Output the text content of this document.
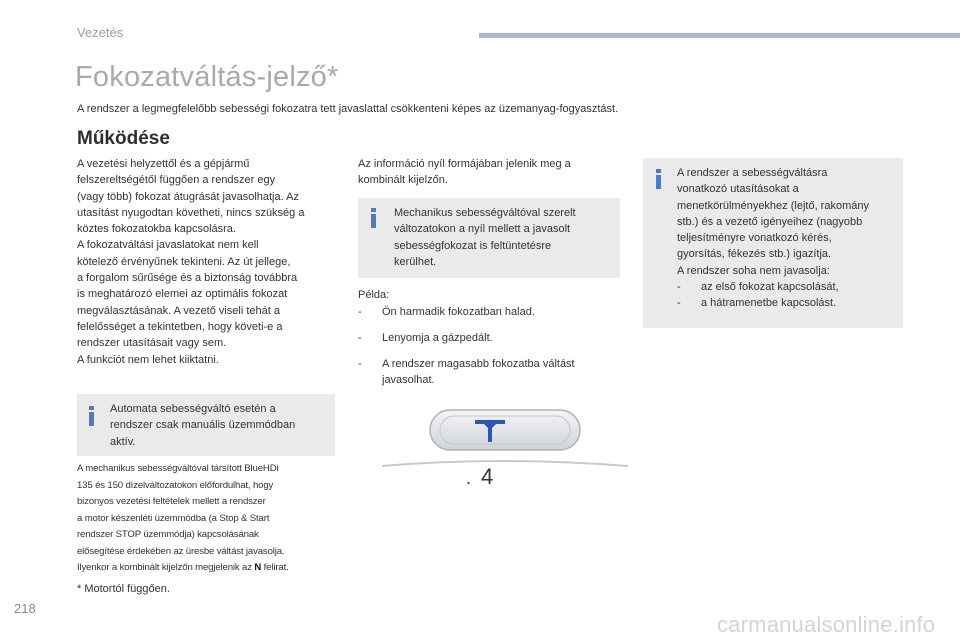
Vezetés
Fokozatváltás-jelző*
A rendszer a legmegfelelőbb sebességi fokozatra tett javaslattal csökkenteni képes az üzemanyag-fogyasztást.
Működése
A vezetési helyzettől és a gépjármű
felszereltségétől függően a rendszer egy
(vagy több) fokozat átugrását javasolhatja. Az
utasítást nyugodtan követheti, nincs szükség a
köztes fokozatokba kapcsolásra.
A fokozatváltási javaslatokat nem kell
kötelező érvényűnek tekinteni. Az út jellege,
a forgalom sűrűsége és a biztonság továbbra
is meghatározó elemei az optimális fokozat
megválasztásának. A vezető viseli tehát a
felelősséget a tekintetben, hogy követi-e a
rendszer utasításait vagy sem.
A funkciót nem lehet kiiktatni.
Automata sebességváltó esetén a
rendszer csak manuális üzemmódban
aktív.
A mechanikus sebességváltóval társított BlueHDi
135 és 150 dízelváltozatokon előfordulhat, hogy
bizonyos vezetési feltételek mellett a rendszer
a motor készenléti üzemmódba (a Stop & Start
rendszer STOP üzemmódja) kapcsolásának
elősegítése érdekében az üresbe váltást javasolja.
Ilyenkor a kombinált kijelzőn megjelenik az N felirat.
* Motortól függően.
Az információ nyíl formájában jelenik meg a
kombinált kijelzőn.
Mechanikus sebességváltóval szerelt
változatokon a nyíl mellett a javasolt
sebességfokozat is feltüntetésre
kerülhet.
Példa:
- Ön harmadik fokozatban halad.
- Lenyomja a gázpedált.
- A rendszer magasabb fokozatba váltást
javasolhat.
. 4
A rendszer a sebességváltásra
vonatkozó utasításokat a
menetkörülményekhez (lejtő, rakomány
stb.) és a vezető igényeihez (nagyobb
teljesítményre vonatkozó kérés,
gyorsítás, fékezés stb.) igazítja.
A rendszer soha nem javasolja:
- az első fokozat kapcsolását,
- a hátramenetbe kapcsolást.
218
carmanualsonline.info
